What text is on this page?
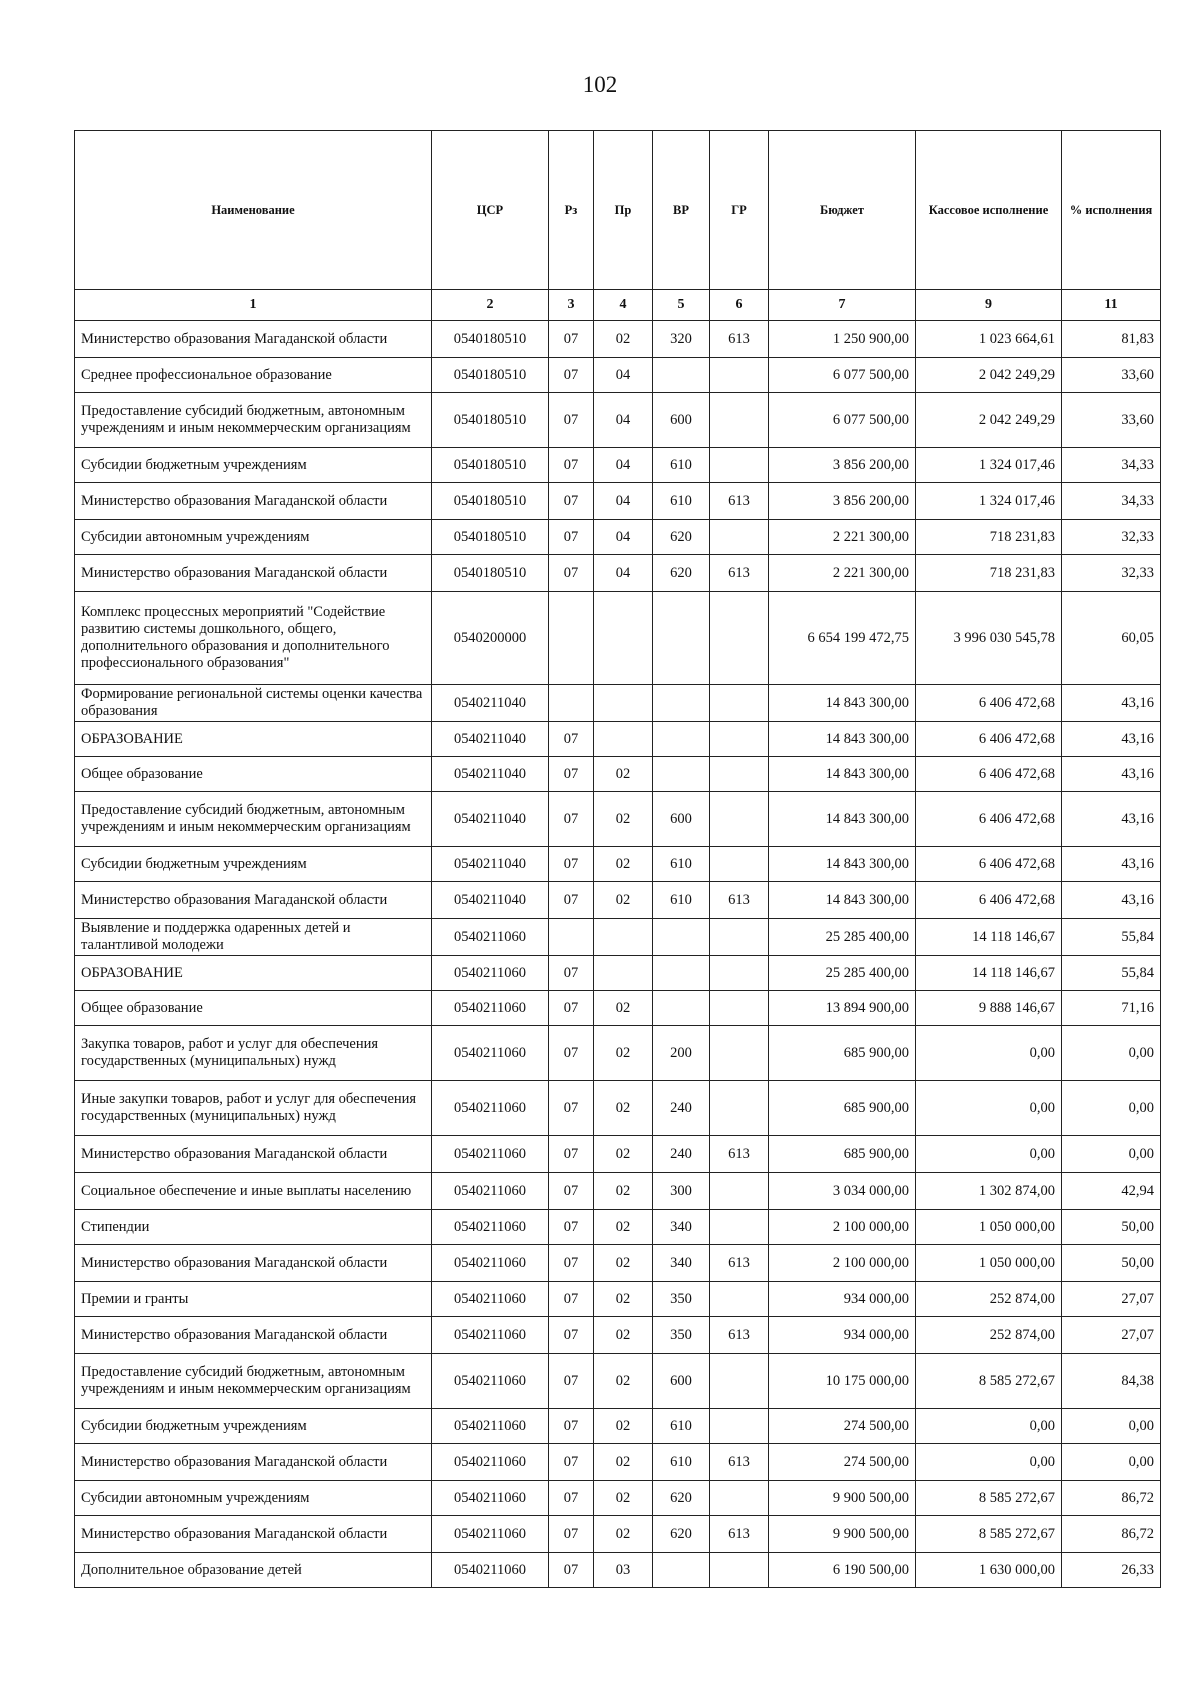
102
Наименование	ЦСР	Рз	Пр	ВР	ГР	Бюджет	Кассовое исполнение	% исполнения
1	2	3	4	5	6	7	9	11
Министерство образования Магаданской области	0540180510	07	02	320	613	1 250 900,00	1 023 664,61	81,83
Среднее профессиональное образование	0540180510	07	04			6 077 500,00	2 042 249,29	33,60
Предоставление субсидий бюджетным, автономным учреждениям и иным некоммерческим организациям	0540180510	07	04	600		6 077 500,00	2 042 249,29	33,60
Субсидии бюджетным учреждениям	0540180510	07	04	610		3 856 200,00	1 324 017,46	34,33
Министерство образования Магаданской области	0540180510	07	04	610	613	3 856 200,00	1 324 017,46	34,33
Субсидии автономным учреждениям	0540180510	07	04	620		2 221 300,00	718 231,83	32,33
Министерство образования Магаданской области	0540180510	07	04	620	613	2 221 300,00	718 231,83	32,33
Комплекс процессных мероприятий "Содействие развитию системы дошкольного, общего, дополнительного образования и дополнительного профессионального образования"	0540200000					6 654 199 472,75	3 996 030 545,78	60,05
Формирование региональной системы оценки качества образования	0540211040					14 843 300,00	6 406 472,68	43,16
ОБРАЗОВАНИЕ	0540211040	07				14 843 300,00	6 406 472,68	43,16
Общее образование	0540211040	07	02			14 843 300,00	6 406 472,68	43,16
Предоставление субсидий бюджетным, автономным учреждениям и иным некоммерческим организациям	0540211040	07	02	600		14 843 300,00	6 406 472,68	43,16
Субсидии бюджетным учреждениям	0540211040	07	02	610		14 843 300,00	6 406 472,68	43,16
Министерство образования Магаданской области	0540211040	07	02	610	613	14 843 300,00	6 406 472,68	43,16
Выявление и поддержка одаренных детей и талантливой молодежи	0540211060					25 285 400,00	14 118 146,67	55,84
ОБРАЗОВАНИЕ	0540211060	07				25 285 400,00	14 118 146,67	55,84
Общее образование	0540211060	07	02			13 894 900,00	9 888 146,67	71,16
Закупка товаров, работ и услуг для обеспечения государственных (муниципальных) нужд	0540211060	07	02	200		685 900,00	0,00	0,00
Иные закупки товаров, работ и услуг для обеспечения государственных (муниципальных) нужд	0540211060	07	02	240		685 900,00	0,00	0,00
Министерство образования Магаданской области	0540211060	07	02	240	613	685 900,00	0,00	0,00
Социальное обеспечение и иные выплаты населению	0540211060	07	02	300		3 034 000,00	1 302 874,00	42,94
Стипендии	0540211060	07	02	340		2 100 000,00	1 050 000,00	50,00
Министерство образования Магаданской области	0540211060	07	02	340	613	2 100 000,00	1 050 000,00	50,00
Премии и гранты	0540211060	07	02	350		934 000,00	252 874,00	27,07
Министерство образования Магаданской области	0540211060	07	02	350	613	934 000,00	252 874,00	27,07
Предоставление субсидий бюджетным, автономным учреждениям и иным некоммерческим организациям	0540211060	07	02	600		10 175 000,00	8 585 272,67	84,38
Субсидии бюджетным учреждениям	0540211060	07	02	610		274 500,00	0,00	0,00
Министерство образования Магаданской области	0540211060	07	02	610	613	274 500,00	0,00	0,00
Субсидии автономным учреждениям	0540211060	07	02	620		9 900 500,00	8 585 272,67	86,72
Министерство образования Магаданской области	0540211060	07	02	620	613	9 900 500,00	8 585 272,67	86,72
Дополнительное образование детей	0540211060	07	03			6 190 500,00	1 630 000,00	26,33
